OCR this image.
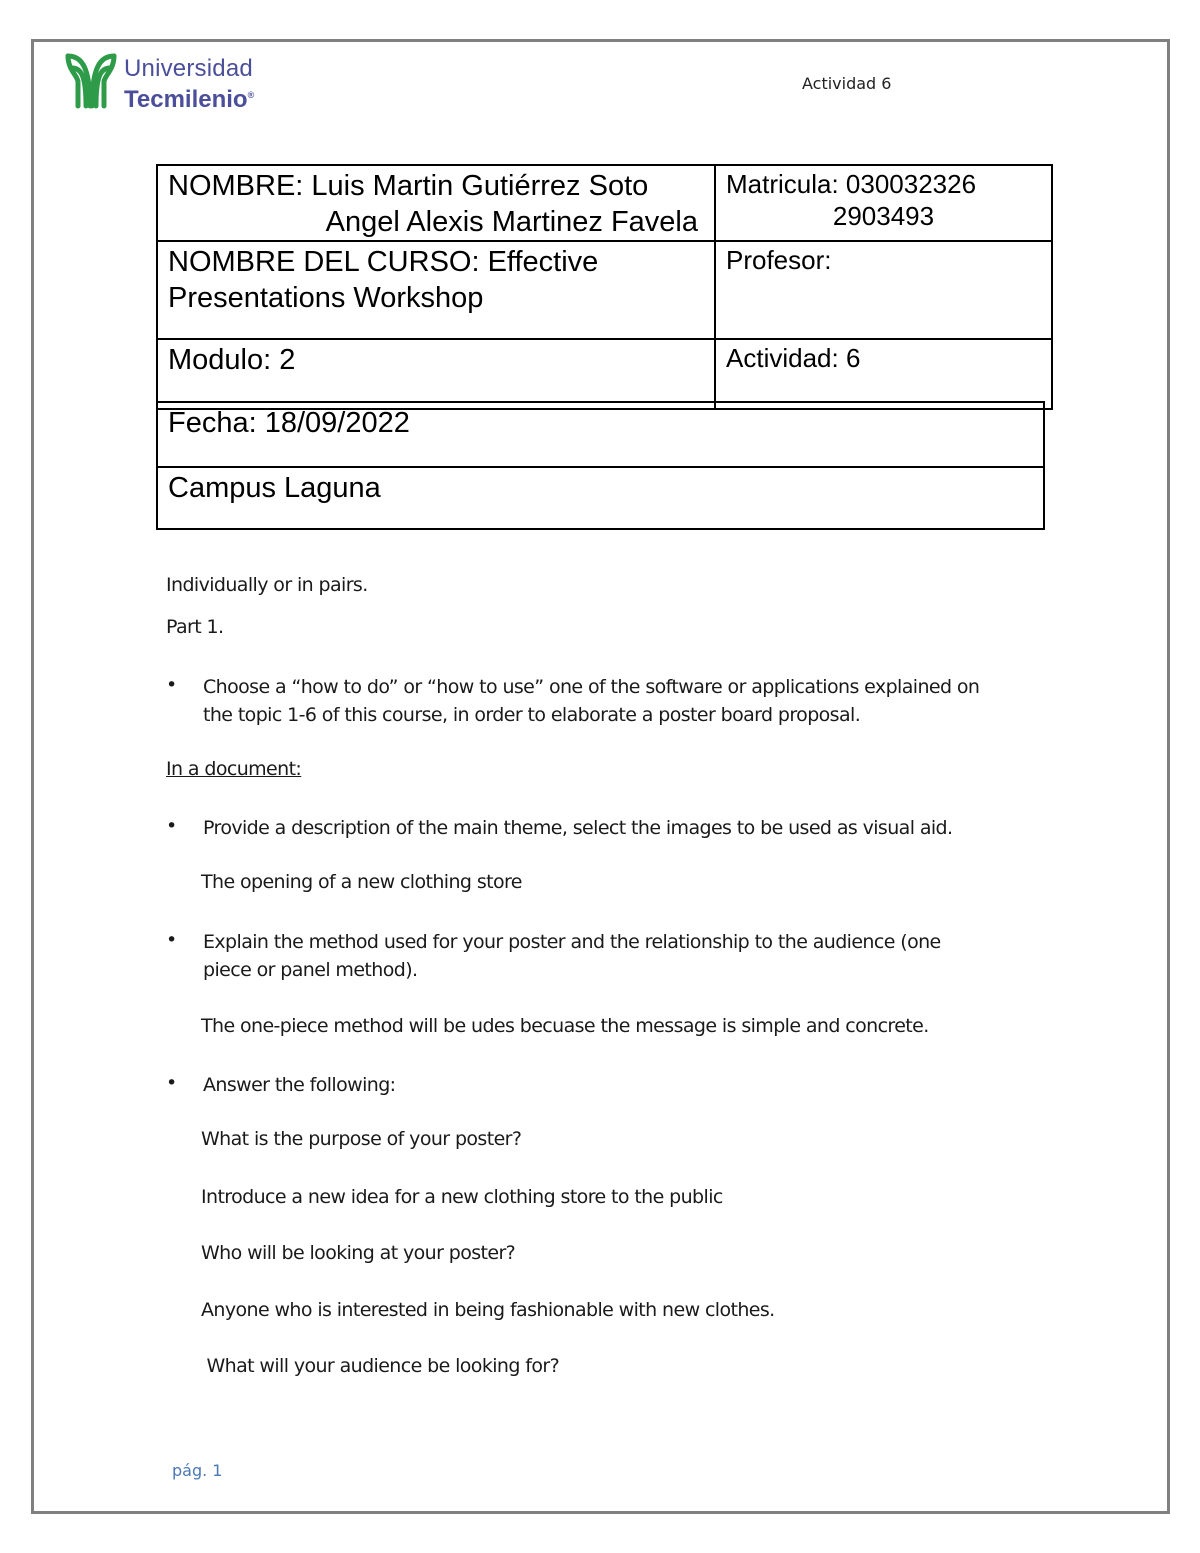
Universidad
Tecmilenio®
Actividad 6
NOMBRE: Luis Martin Gutiérrez Soto
Angel Alexis Martinez Favela	Matricula: 030032326
2903493

NOMBRE DEL CURSO: Effective Presentations Workshop	Profesor:
Modulo: 2	Actividad: 6
Fecha: 18/09/2022
Campus Laguna
Individually or in pairs.
Part 1.
• Choose a “how to do” or “how to use” one of the software or applications explained on
the topic 1-6 of this course, in order to elaborate a poster board proposal.
In a document:
• Provide a description of the main theme, select the images to be used as visual aid.
The opening of a new clothing store
• Explain the method used for your poster and the relationship to the audience (one
piece or panel method).
The one-piece method will be udes becuase the message is simple and concrete.
• Answer the following:
What is the purpose of your poster?
Introduce a new idea for a new clothing store to the public
Who will be looking at your poster?
Anyone who is interested in being fashionable with new clothes.
What will your audience be looking for?
pág. 1
